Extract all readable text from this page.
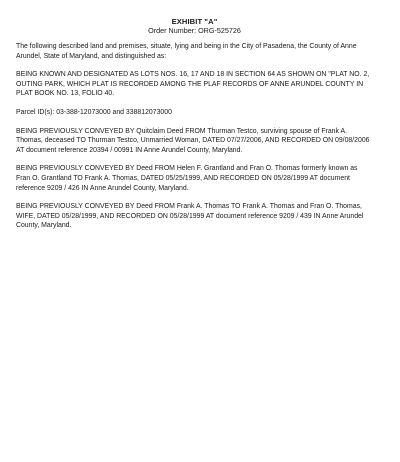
EXHIBIT "A"

Order Number: ORG-525726

The following described land and premises, situate, lying and being in the City of Pasadena, the County of Anne Arundel, State of Maryland, and distinguished as:

BEING KNOWN AND DESIGNATED AS LOTS NOS. 16, 17 AND 18 IN SECTION 64 AS SHOWN ON "PLAT NO. 2, OUTING PARK, WHICH PLAT IS RECORDED AMONG THE PLAF RECORDS OF ANNE ARUNDEL COUNTY IN PLAT BOOK NO. 13, FOLIO 40.

Parcel ID(s): 03-388-12073000 and 338812073000

BEING PREVIOUSLY CONVEYED BY Quitclaim Deed FROM Thurman Testco, surviving spouse of Frank A. Thomas, deceased TO Thurman Testco, Unmarried Woman, DATED 07/27/2006, AND RECORDED ON 09/08/2006 AT document reference 20394 / 00991 IN Anne Arundel County, Maryland.

BEING PREVIOUSLY CONVEYED BY Deed FROM Helen F. Grantland and Fran O. Thomas formerly known as Fran O. Grantland TO Frank A. Thomas, DATED 05/25/1999, AND RECORDED ON 05/28/1999 AT document reference 9209 / 426 IN Anne Arundel County, Maryland.

BEING PREVIOUSLY CONVEYED BY Deed FROM Frank A. Thomas TO Frank A. Thomas and Fran O. Thomas, WIFE, DATED 05/28/1999, AND RECORDED ON 05/28/1999 AT document reference 9209 / 439 IN Anne Arundel County, Maryland.
